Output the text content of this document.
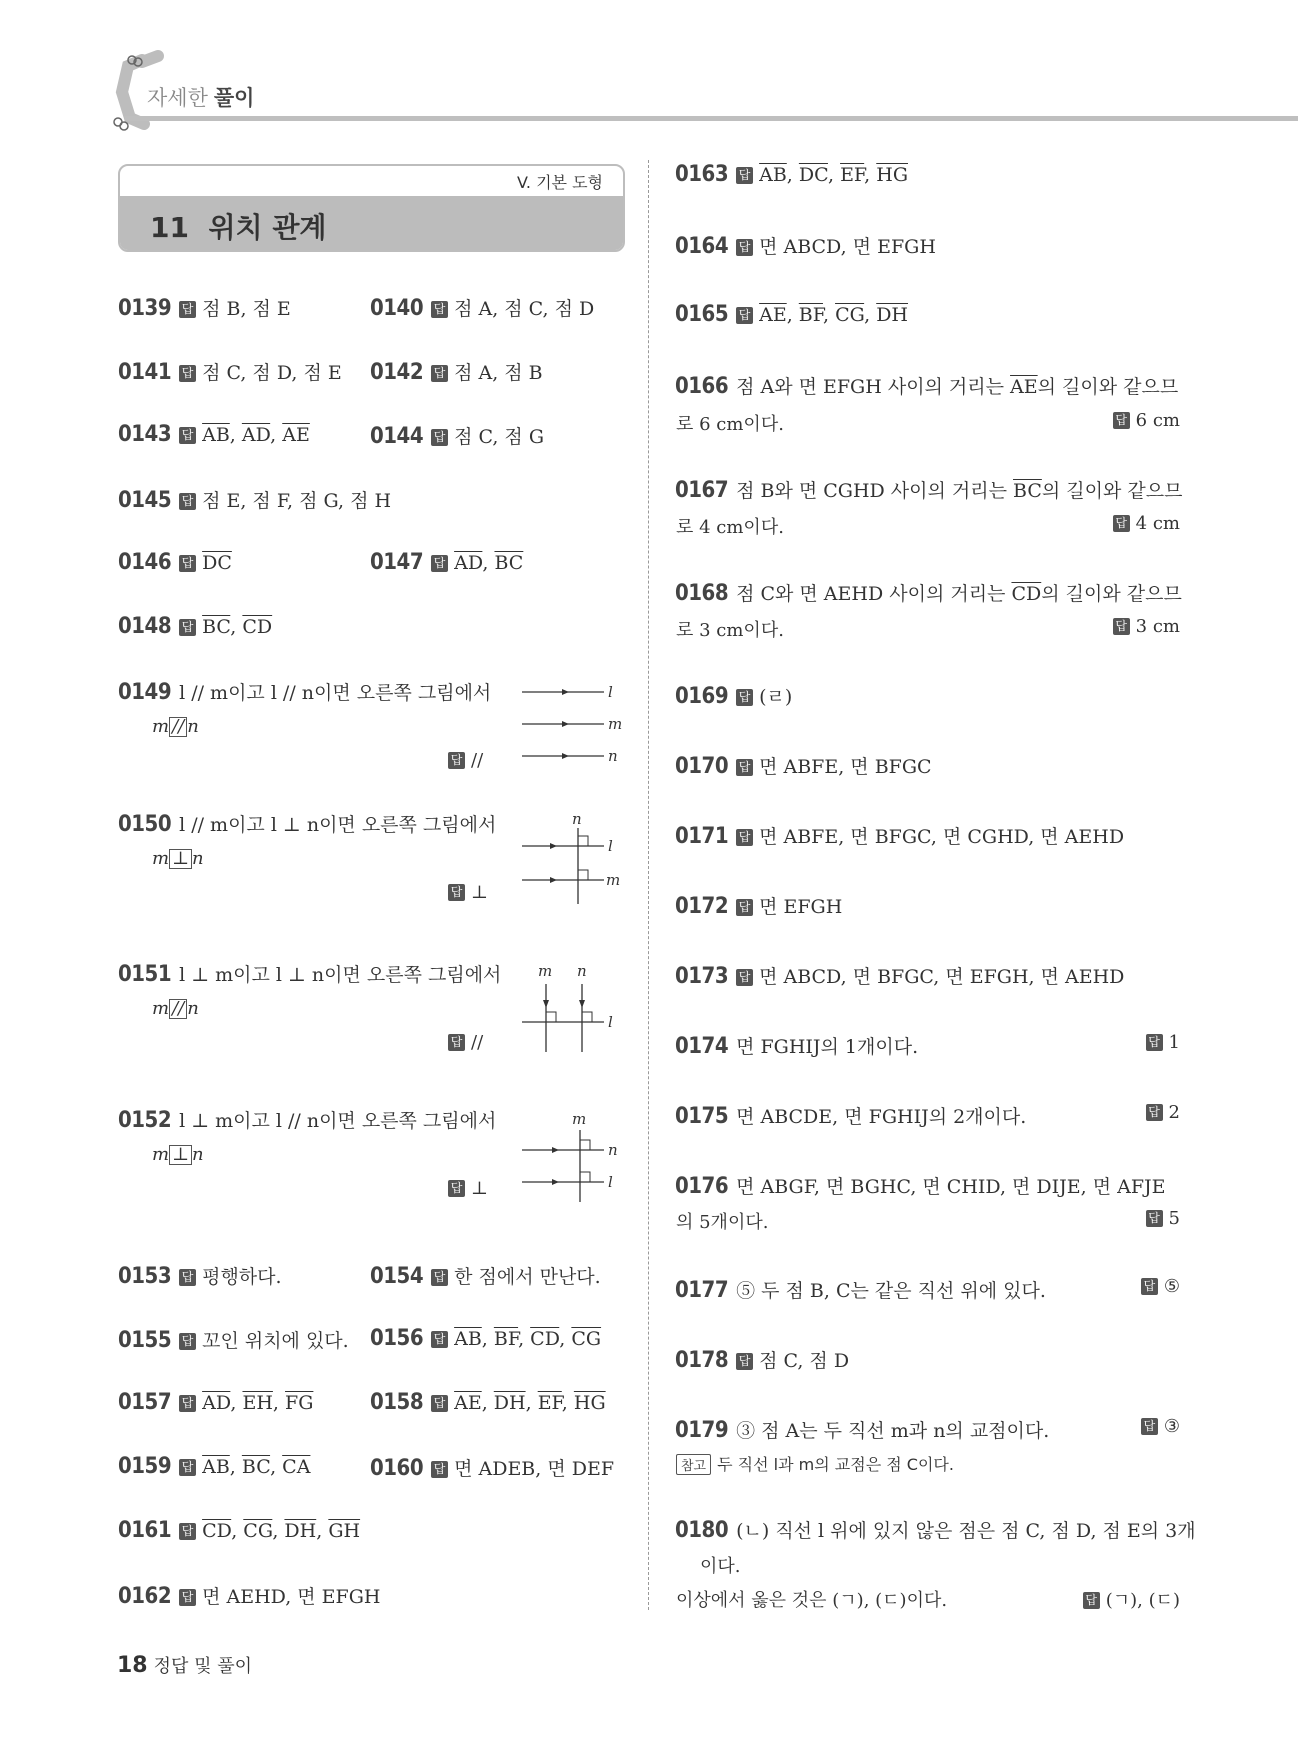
자세한 풀이
V. 기본 도형
11 위치 관계
0139 답 점 B, 점 E	0140 답 점 A, 점 C, 점 D
0141 답 점 C, 점 D, 점 E 0142 답 점 A, 점 B
0143 답 $\overline{AB}$, $\overline{AD}$, $\overline{AE}$	0144 답 점 C, 점 G
0145 답 점 E, 점 F, 점 G, 점 H
0146 답 $\overline{DC}$	0147 답 $\overline{AD}$, $\overline{BC}$
0148 답 $\overline{BC}$, $\overline{CD}$
0149 l // m이고 l // n이면 오른쪽 그림에서
m // n
답 //
l
m
n
0150 l // m이고 l ⊥ n이면 오른쪽 그림에서
m ⊥ n
답 ⊥
n
l
m
0151 l ⊥ m이고 l ⊥ n이면 오른쪽 그림에서
m // n
답 //
m n
l
0152 l ⊥ m이고 l // n이면 오른쪽 그림에서
m ⊥ n
답 ⊥
m
n
l
0153 답 평행하다.	0154 답 한 점에서 만난다.
0155 답 꼬인 위치에 있다. 0156 답 $\overline{AB}$, $\overline{BF}$, $\overline{CD}$, $\overline{CG}$
0157 답 $\overline{AD}$, $\overline{EH}$, $\overline{FG}$	0158 답 $\overline{AE}$, $\overline{DH}$, $\overline{EF}$, $\overline{HG}$
0159 답 $\overline{AB}$, $\overline{BC}$, $\overline{CA}$	0160 답 면 ADEB, 면 DEF
0161 답 $\overline{CD}$, $\overline{CG}$, $\overline{DH}$, $\overline{GH}$
0162 답 면 AEHD, 면 EFGH
0163 답 $\overline{AB}$, $\overline{DC}$, $\overline{EF}$, $\overline{HG}$
0164 답 면 ABCD, 면 EFGH
0165 답 $\overline{AE}$, $\overline{BF}$, $\overline{CG}$, $\overline{DH}$
0166 점 A와 면 EFGH 사이의 거리는 $\overline{AE}$의 길이와 같으므
로 6 cm이다.	답 6 cm
0167 점 B와 면 CGHD 사이의 거리는 $\overline{BC}$의 길이와 같으므
로 4 cm이다.	답 4 cm
0168 점 C와 면 AEHD 사이의 거리는 $\overline{CD}$의 길이와 같으므
로 3 cm이다.	답 3 cm
0169 답 (ㄹ)
0170 답 면 ABFE, 면 BFGC
0171 답 면 ABFE, 면 BFGC, 면 CGHD, 면 AEHD
0172 답 면 EFGH
0173 답 면 ABCD, 면 BFGC, 면 EFGH, 면 AEHD
0174 면 FGHIJ의 1개이다.	답 1
0175 면 ABCDE, 면 FGHIJ의 2개이다.	답 2
0176 면 ABGF, 면 BGHC, 면 CHID, 면 DIJE, 면 AFJE
의 5개이다.	답 5
0177 ⑤ 두 점 B, C는 같은 직선 위에 있다.	답 ⑤
0178 답 점 C, 점 D
0179 ③ 점 A는 두 직선 m과 n의 교점이다.	답 ③
참고 두 직선 l과 m의 교점은 점 C이다.
0180 (ㄴ) 직선 l 위에 있지 않은 점은 점 C, 점 D, 점 E의 3개
이다.
이상에서 옳은 것은 (ㄱ), (ㄷ)이다.	답 (ㄱ), (ㄷ)
18 정답 및 풀이
